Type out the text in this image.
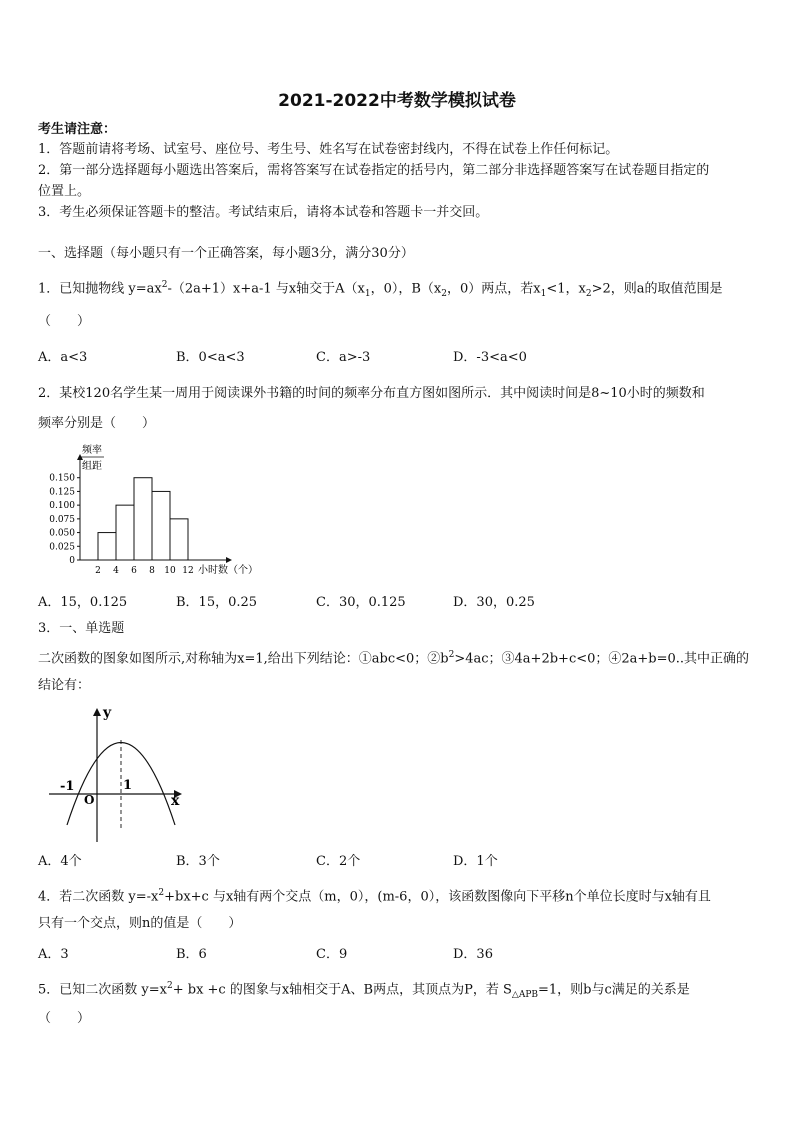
2021-2022中考数学模拟试卷
考生请注意：
1．答题前请将考场、试室号、座位号、考生号、姓名写在试卷密封线内，不得在试卷上作任何标记。
2．第一部分选择题每小题选出答案后，需将答案写在试卷指定的括号内，第二部分非选择题答案写在试卷题目指定的
位置上。
3．考生必须保证答题卡的整洁。考试结束后，请将本试卷和答题卡一并交回。
一、选择题（每小题只有一个正确答案，每小题3分，满分30分）
1．已知抛物线 $y=ax^2-(2a+1)x+a-1$ 与x轴交于$A(x_1$，0），$B(x_2$，0）两点，若$x_1<1$，$x_2>2$，则a的取值范围是
（　　）
A．a<3	B．0<a<3	C．a>-3	D．-3<a<0
2．某校120名学生某一周用于阅读课外书籍的时间的频率分布直方图如图所示．其中阅读时间是8~10小时的频数和
频率分别是（　　）
频率
组距
0
0.025
0.050
0.075
0.100
0.125
0.150
2 4 6 8 10 12 小时数（个）
A．15，0.125	B．15，0.25	C．30，0.125	D．30，0.25
3．一、单选题
二次函数的图象如图所示,对称轴为x=1,给出下列结论：①abc<0；$②b^2>4ac$；③4a+2b+c<0；④2a+b=0..其中正确的
结论有：
y
x
O
-1	1
A．4个	B．3个	C．2个	D．1个
4．若二次函数 $y=-x^2+bx+c$ 与x轴有两个交点（m，0），(m-6，0），该函数图像向下平移n个单位长度时与x轴有且
只有一个交点，则n的值是（　　）
A．3	B．6	C．9	D．36
5．已知二次函数 $y=x^2+$ bx +c 的图象与x轴相交于A、B两点，其顶点为P，若 $S_{\triangle APB}=1$，则b与c满足的关系是
（　　）
